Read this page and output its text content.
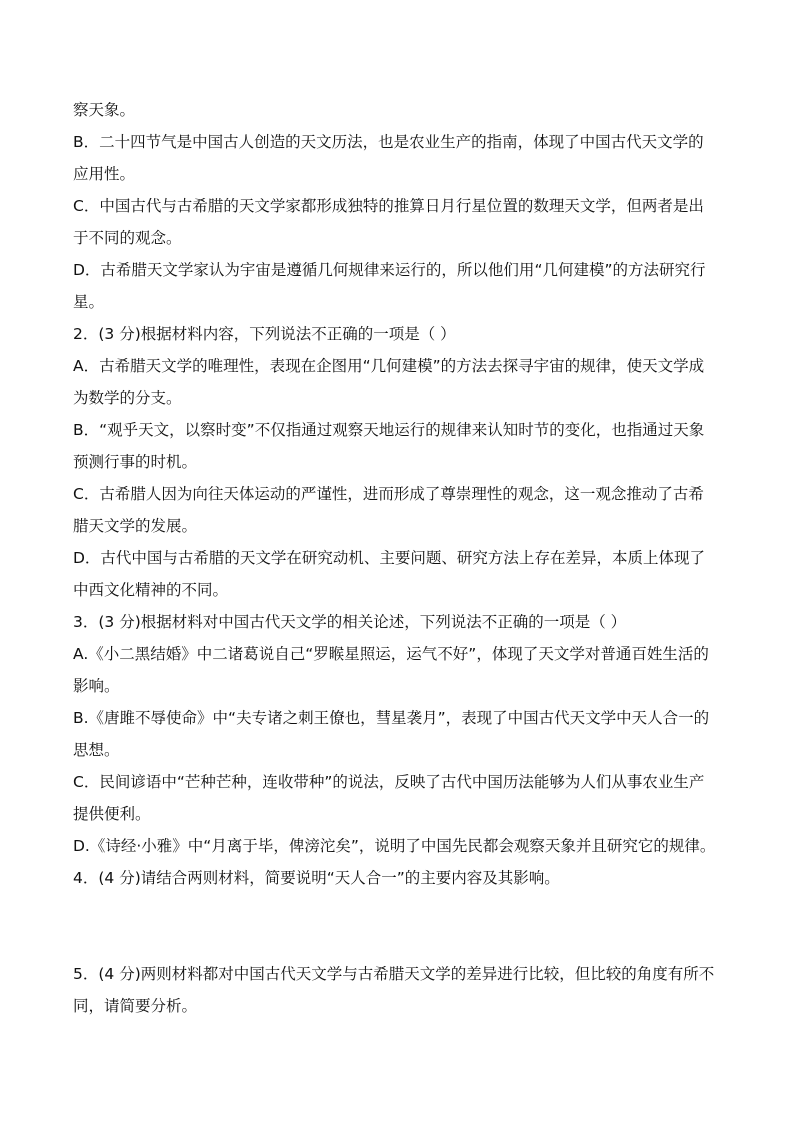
察天象。
B．二十四节气是中国古人创造的天文历法，也是农业生产的指南，体现了中国古代天文学的
应用性。
C．中国古代与古希腊的天文学家都形成独特的推算日月行星位置的数理天文学，但两者是出
于不同的观念。
D．古希腊天文学家认为宇宙是遵循几何规律来运行的，所以他们用“几何建模”的方法研究行
星。
2．(3 分)根据材料内容，下列说法不正确的一项是（ ）
A．古希腊天文学的唯理性，表现在企图用“几何建模”的方法去探寻宇宙的规律，使天文学成
为数学的分支。
B．“观乎天文，以察时变”不仅指通过观察天地运行的规律来认知时节的变化，也指通过天象
预测行事的时机。
C．古希腊人因为向往天体运动的严谨性，进而形成了尊崇理性的观念，这一观念推动了古希
腊天文学的发展。
D．古代中国与古希腊的天文学在研究动机、主要问题、研究方法上存在差异，本质上体现了
中西文化精神的不同。
3．(3 分)根据材料对中国古代天文学的相关论述，下列说法不正确的一项是（ ）
A.《小二黑结婚》中二诸葛说自己“罗睺星照运，运气不好”，体现了天文学对普通百姓生活的
影响。
B.《唐雎不辱使命》中“夫专诸之刺王僚也，彗星袭月”，表现了中国古代天文学中天人合一的
思想。
C．民间谚语中“芒种芒种，连收带种”的说法，反映了古代中国历法能够为人们从事农业生产
提供便利。
D.《诗经·小雅》中“月离于毕，俾滂沱矣”，说明了中国先民都会观察天象并且研究它的规律。
4．(4 分)请结合两则材料，简要说明“天人合一”的主要内容及其影响。
5．(4 分)两则材料都对中国古代天文学与古希腊天文学的差异进行比较，但比较的角度有所不
同，请简要分析。
